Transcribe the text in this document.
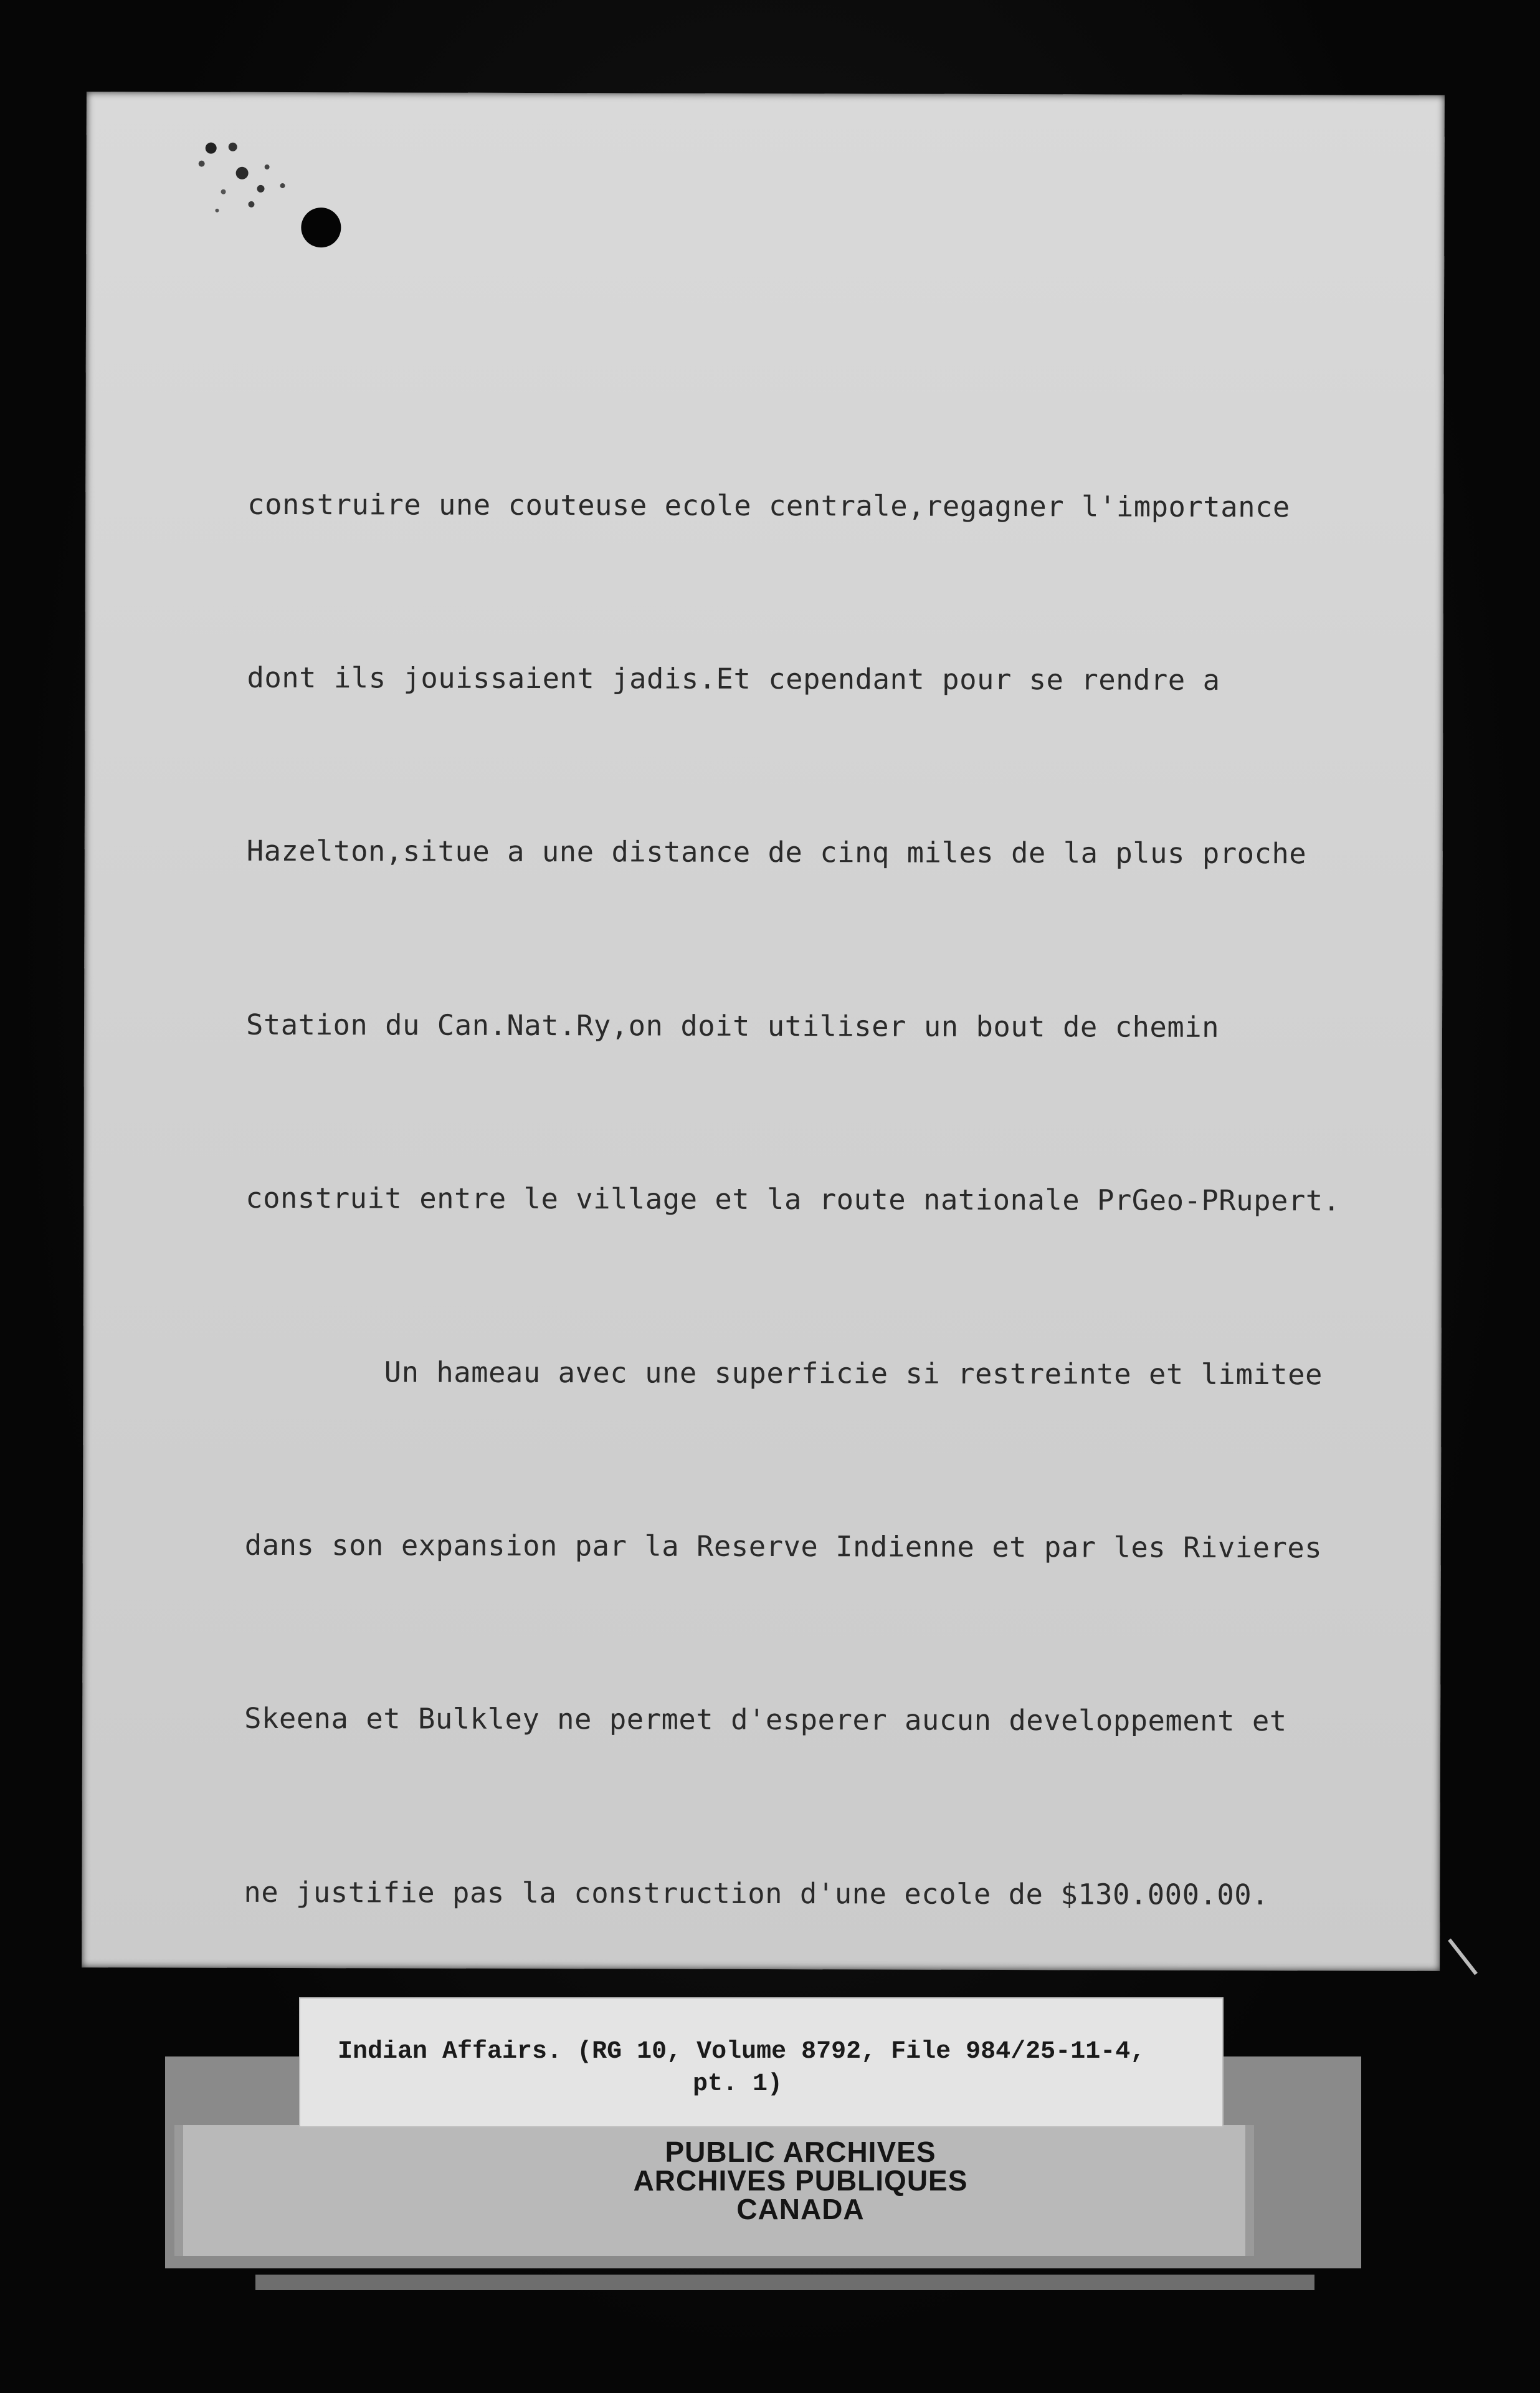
construire une couteuse ecole centrale,regagner l'importance

dont ils jouissaient jadis.Et cependant pour se rendre a

Hazelton,situe a une distance de cinq miles de la plus proche

Station du Can.Nat.Ry,on doit utiliser un bout de chemin

construit entre le village et la route nationale PrGeo-PRupert.

Un hameau avec une superficie si restreinte et limitee

dans son expansion par la Reserve Indienne et par les Rivieres

Skeena et Bulkley ne permet d'esperer aucun developpement et

ne justifie pas la construction d'une ecole de $130.000.00.

Indian Affairs. (RG 10, Volume 8792, File 984/25-11-4,
pt. 1)
PUBLIC ARCHIVES
ARCHIVES PUBLIQUES
CANADA
